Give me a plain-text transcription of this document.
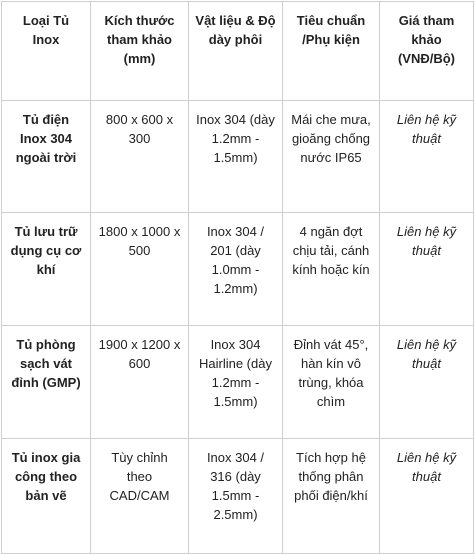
Loại Tủ Inox	Kích thước tham khảo (mm)	Vật liệu & Độ dày phôi	Tiêu chuẩn /Phụ kiện	Giá tham khảo (VNĐ/Bộ)
Tủ điện Inox 304 ngoài trời	800 x 600 x 300	Inox 304 (dày 1.2mm - 1.5mm)	Mái che mưa, gioăng chống nước IP65	Liên hệ kỹ thuật
Tủ lưu trữ dụng cụ cơ khí	1800 x 1000 x 500	Inox 304 / 201 (dày 1.0mm - 1.2mm)	4 ngăn đợt chịu tải, cánh kính hoặc kín	Liên hệ kỹ thuật
Tủ phòng sạch vát đỉnh (GMP)	1900 x 1200 x 600	Inox 304 Hairline (dày 1.2mm - 1.5mm)	Đỉnh vát 45°, hàn kín vô trùng, khóa chìm	Liên hệ kỹ thuật
Tủ inox gia công theo bản vẽ	Tùy chỉnh theo CAD/CAM	Inox 304 / 316 (dày 1.5mm - 2.5mm)	Tích hợp hệ thống phân phối điện/khí	Liên hệ kỹ thuật
